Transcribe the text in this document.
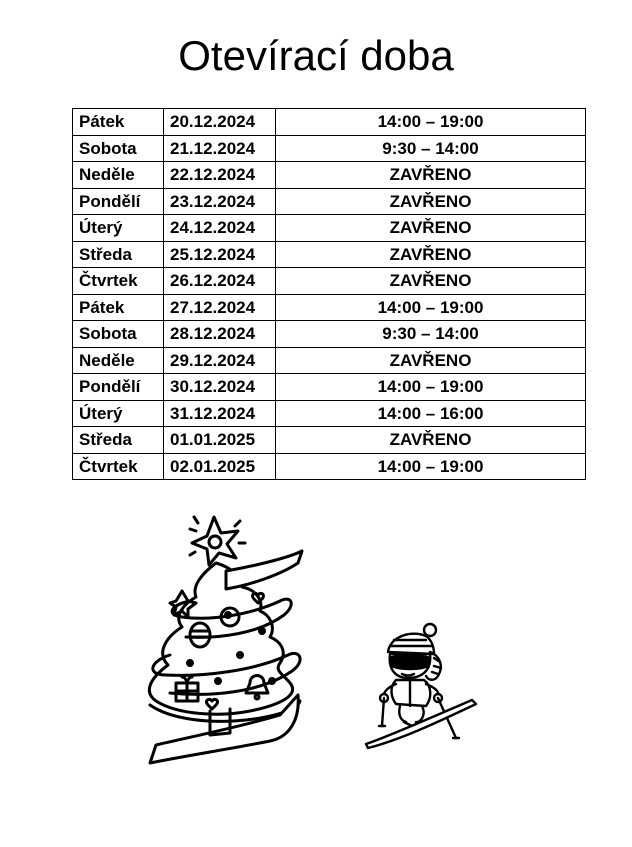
Otevírací doba
Pátek	20.12.2024	14:00 – 19:00
Sobota	21.12.2024	9:30 – 14:00
Neděle	22.12.2024	ZAVŘENO
Pondělí	23.12.2024	ZAVŘENO
Úterý	24.12.2024	ZAVŘENO
Středa	25.12.2024	ZAVŘENO
Čtvrtek	26.12.2024	ZAVŘENO
Pátek	27.12.2024	14:00 – 19:00
Sobota	28.12.2024	9:30 – 14:00
Neděle	29.12.2024	ZAVŘENO
Pondělí	30.12.2024	14:00 – 19:00
Úterý	31.12.2024	14:00 – 16:00
Středa	01.01.2025	ZAVŘENO
Čtvrtek	02.01.2025	14:00 – 19:00
